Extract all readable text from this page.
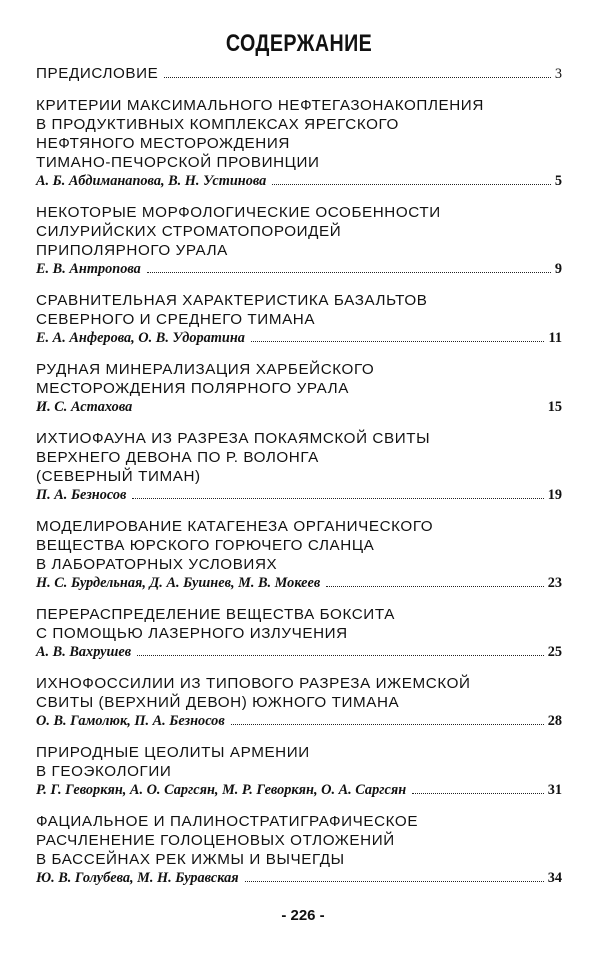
СОДЕРЖАНИЕ
ПРЕДИСЛОВИЕ	3
КРИТЕРИИ МАКСИМАЛЬНОГО НЕФТЕГАЗОНАКОПЛЕНИЯ
В ПРОДУКТИВНЫХ КОМПЛЕКСАХ ЯРЕГСКОГО
НЕФТЯНОГО МЕСТОРОЖДЕНИЯ
ТИМАНО-ПЕЧОРСКОЙ ПРОВИНЦИИ
А. Б. Абдиманапова, В. Н. Устинова	5
НЕКОТОРЫЕ МОРФОЛОГИЧЕСКИЕ ОСОБЕННОСТИ
СИЛУРИЙСКИХ СТРОМАТОПОРОИДЕЙ
ПРИПОЛЯРНОГО УРАЛА
Е. В. Антропова	9
СРАВНИТЕЛЬНАЯ ХАРАКТЕРИСТИКА БАЗАЛЬТОВ
СЕВЕРНОГО И СРЕДНЕГО ТИМАНА
Е. А. Анферова, О. В. Удоратина	11
РУДНАЯ МИНЕРАЛИЗАЦИЯ ХАРБЕЙСКОГО
МЕСТОРОЖДЕНИЯ ПОЛЯРНОГО УРАЛА
И. С. Астахова	15
ИХТИОФАУНА ИЗ РАЗРЕЗА ПОКАЯМСКОЙ СВИТЫ
ВЕРХНЕГО ДЕВОНА ПО Р. ВОЛОНГА
(СЕВЕРНЫЙ ТИМАН)
П. А. Безносов	19
МОДЕЛИРОВАНИЕ КАТАГЕНЕЗА ОРГАНИЧЕСКОГО
ВЕЩЕСТВА ЮРСКОГО ГОРЮЧЕГО СЛАНЦА
В ЛАБОРАТОРНЫХ УСЛОВИЯХ
Н. С. Бурдельная, Д. А. Бушнев, М. В. Мокеев	23
ПЕРЕРАСПРЕДЕЛЕНИЕ ВЕЩЕСТВА БОКСИТА
С ПОМОЩЬЮ ЛАЗЕРНОГО ИЗЛУЧЕНИЯ
А. В. Вахрушев	25
ИХНОФОССИЛИИ ИЗ ТИПОВОГО РАЗРЕЗА ИЖЕМСКОЙ
СВИТЫ (ВЕРХНИЙ ДЕВОН) ЮЖНОГО ТИМАНА
О. В. Гамолюк, П. А. Безносов	28
ПРИРОДНЫЕ ЦЕОЛИТЫ АРМЕНИИ
В ГЕОЭКОЛОГИИ
Р. Г. Геворкян, А. О. Саргсян, М. Р. Геворкян, О. А. Саргсян	31
ФАЦИАЛЬНОЕ И ПАЛИНОСТРАТИГРАФИЧЕСКОЕ
РАСЧЛЕНЕНИЕ ГОЛОЦЕНОВЫХ ОТЛОЖЕНИЙ
В БАССЕЙНАХ РЕК ИЖМЫ И ВЫЧЕГДЫ
Ю. В. Голубева, М. Н. Буравская	34
- 226 -
